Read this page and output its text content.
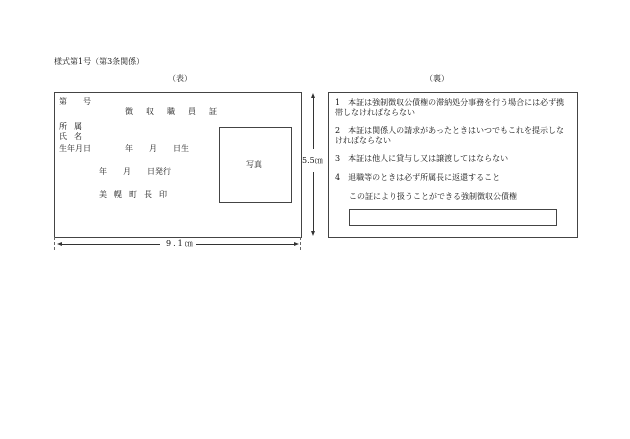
様式第1号（第3条関係）
（表）	（裏）
第　　号
徴収職員証
所属
氏名
生年月日	年　　月　　日生
写真
年　　月　　日発行
美幌町長印
9.1㎝
5.5㎝
1　 本証は強制徴収公債権の滞納処分事務を行う場合には必ず携帯しなければならない
2　 本証は関係人の請求があったときはいつでもこれを提示しなければならない
3　 本証は他人に貸与し又は譲渡してはならない
4　 退職等のときは必ず所属長に返還すること
この証により扱うことができる強制徴収公債権
